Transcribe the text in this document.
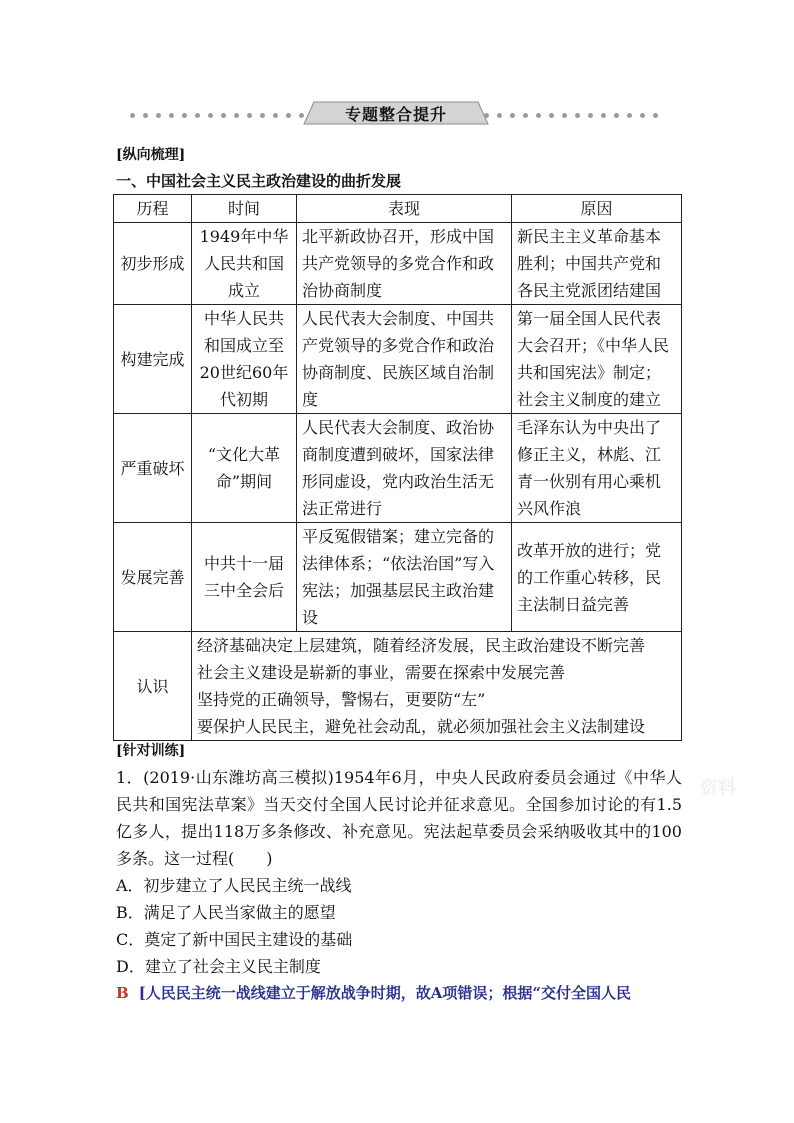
专题整合提升
[纵向梳理]
一、中国社会主义民主政治建设的曲折发展
历程	时间	表现	原因
初步形成	1949年中华人民共和国成立	北平新政协召开，形成中国共产党领导的多党合作和政治协商制度	新民主主义革命基本胜利；中国共产党和各民主党派团结建国
构建完成	中华人民共和国成立至20世纪60年代初期	人民代表大会制度、中国共产党领导的多党合作和政治协商制度、民族区域自治制度	第一届全国人民代表大会召开；《中华人民共和国宪法》制定；社会主义制度的建立
严重破坏	“文化大革命”期间	人民代表大会制度、政治协商制度遭到破坏，国家法律形同虚设，党内政治生活无法正常进行	毛泽东认为中央出了修正主义，林彪、江青一伙别有用心乘机兴风作浪
发展完善	中共十一届三中全会后	平反冤假错案；建立完备的法律体系；“依法治国”写入宪法；加强基层民主政治建设	改革开放的进行；党的工作重心转移，民主法制日益完善
认识	经济基础决定上层建筑，随着经济发展，民主政治建设不断完善
社会主义建设是崭新的事业，需要在探索中发展完善
坚持党的正确领导，警惕右，更要防“左”
要保护人民民主，避免社会动乱，就必须加强社会主义法制建设		
[针对训练]
1．(2019·山东潍坊高三模拟)1954年6月，中央人民政府委员会通过《中华人民共和国宪法草案》当天交付全国人民讨论并征求意见。全国参加讨论的有1.5亿多人，提出118万多条修改、补充意见。宪法起草委员会采纳吸收其中的100多条。这一过程(　　)
A．初步建立了人民民主统一战线
B．满足了人民当家做主的愿望
C．奠定了新中国民主建设的基础
D．建立了社会主义民主制度
B [人民民主统一战线建立于解放战争时期，故A项错误；根据“交付全国人民
资料
